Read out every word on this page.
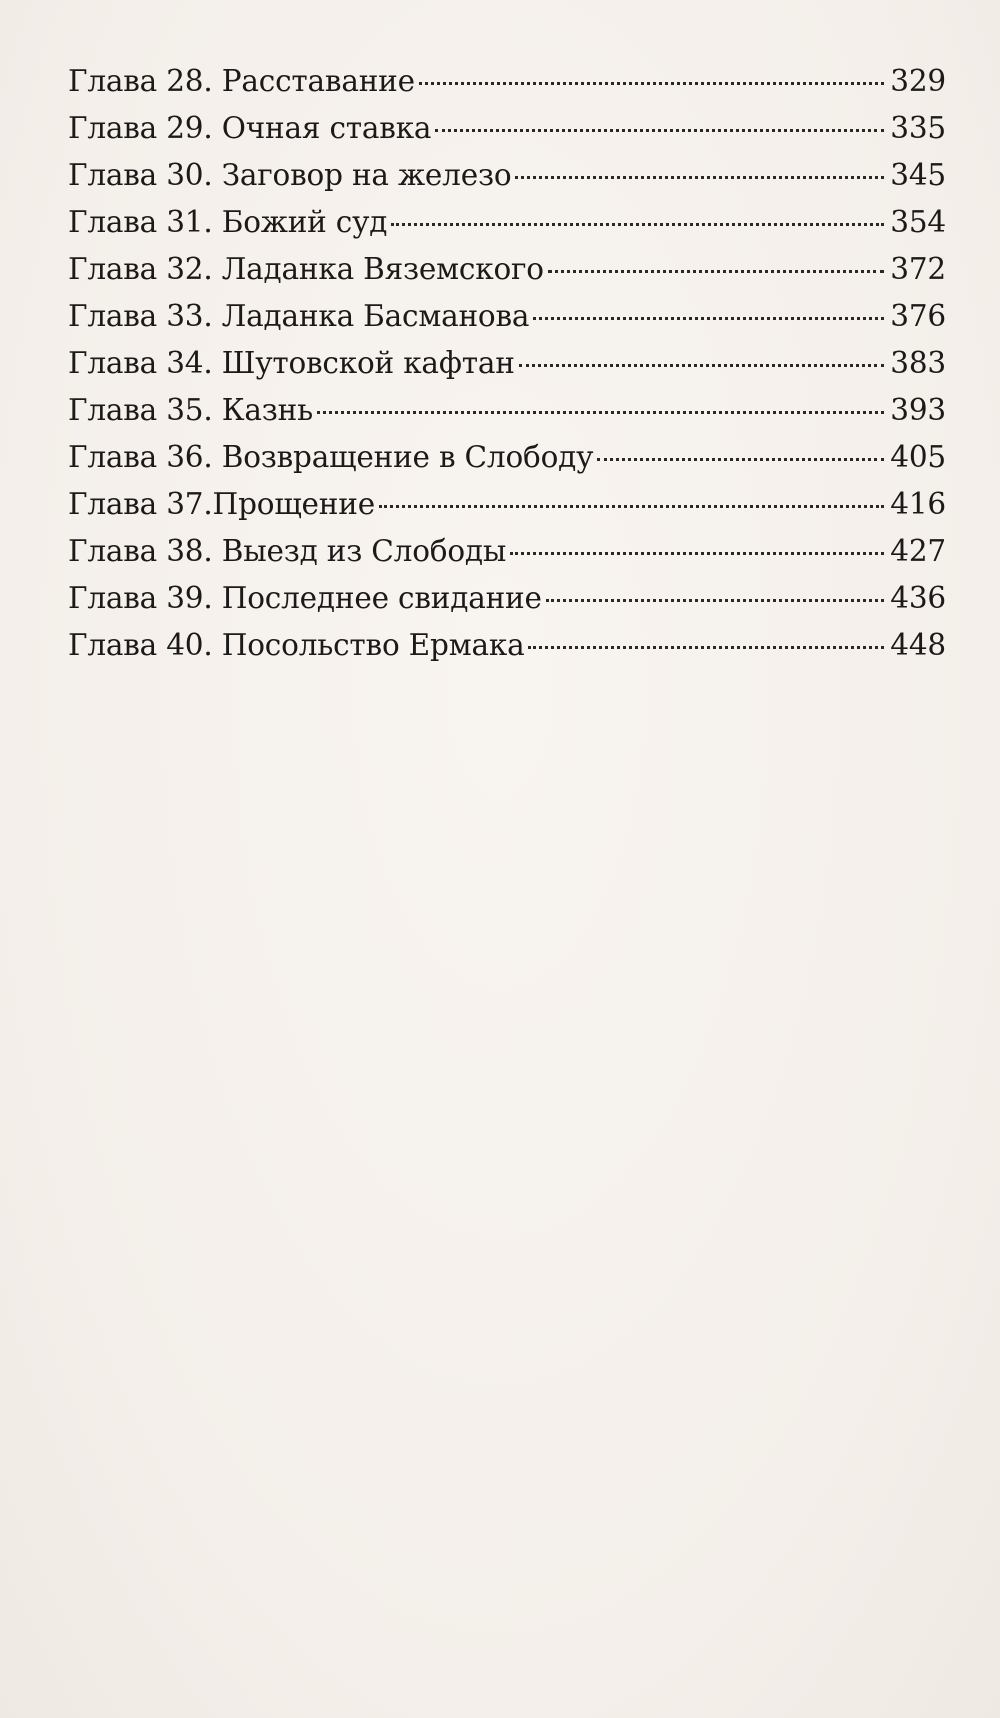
Глава 28. Расставание	329
Глава 29. Очная ставка	335
Глава 30. Заговор на железо	345
Глава 31. Божий суд	354
Глава 32. Ладанка Вяземского	372
Глава 33. Ладанка Басманова	376
Глава 34. Шутовской кафтан	383
Глава 35. Казнь	393
Глава 36. Возвращение в Слободу	405
Глава 37.Прощение	416
Глава 38. Выезд из Слободы	427
Глава 39. Последнее свидание	436
Глава 40. Посольство Ермака	448
